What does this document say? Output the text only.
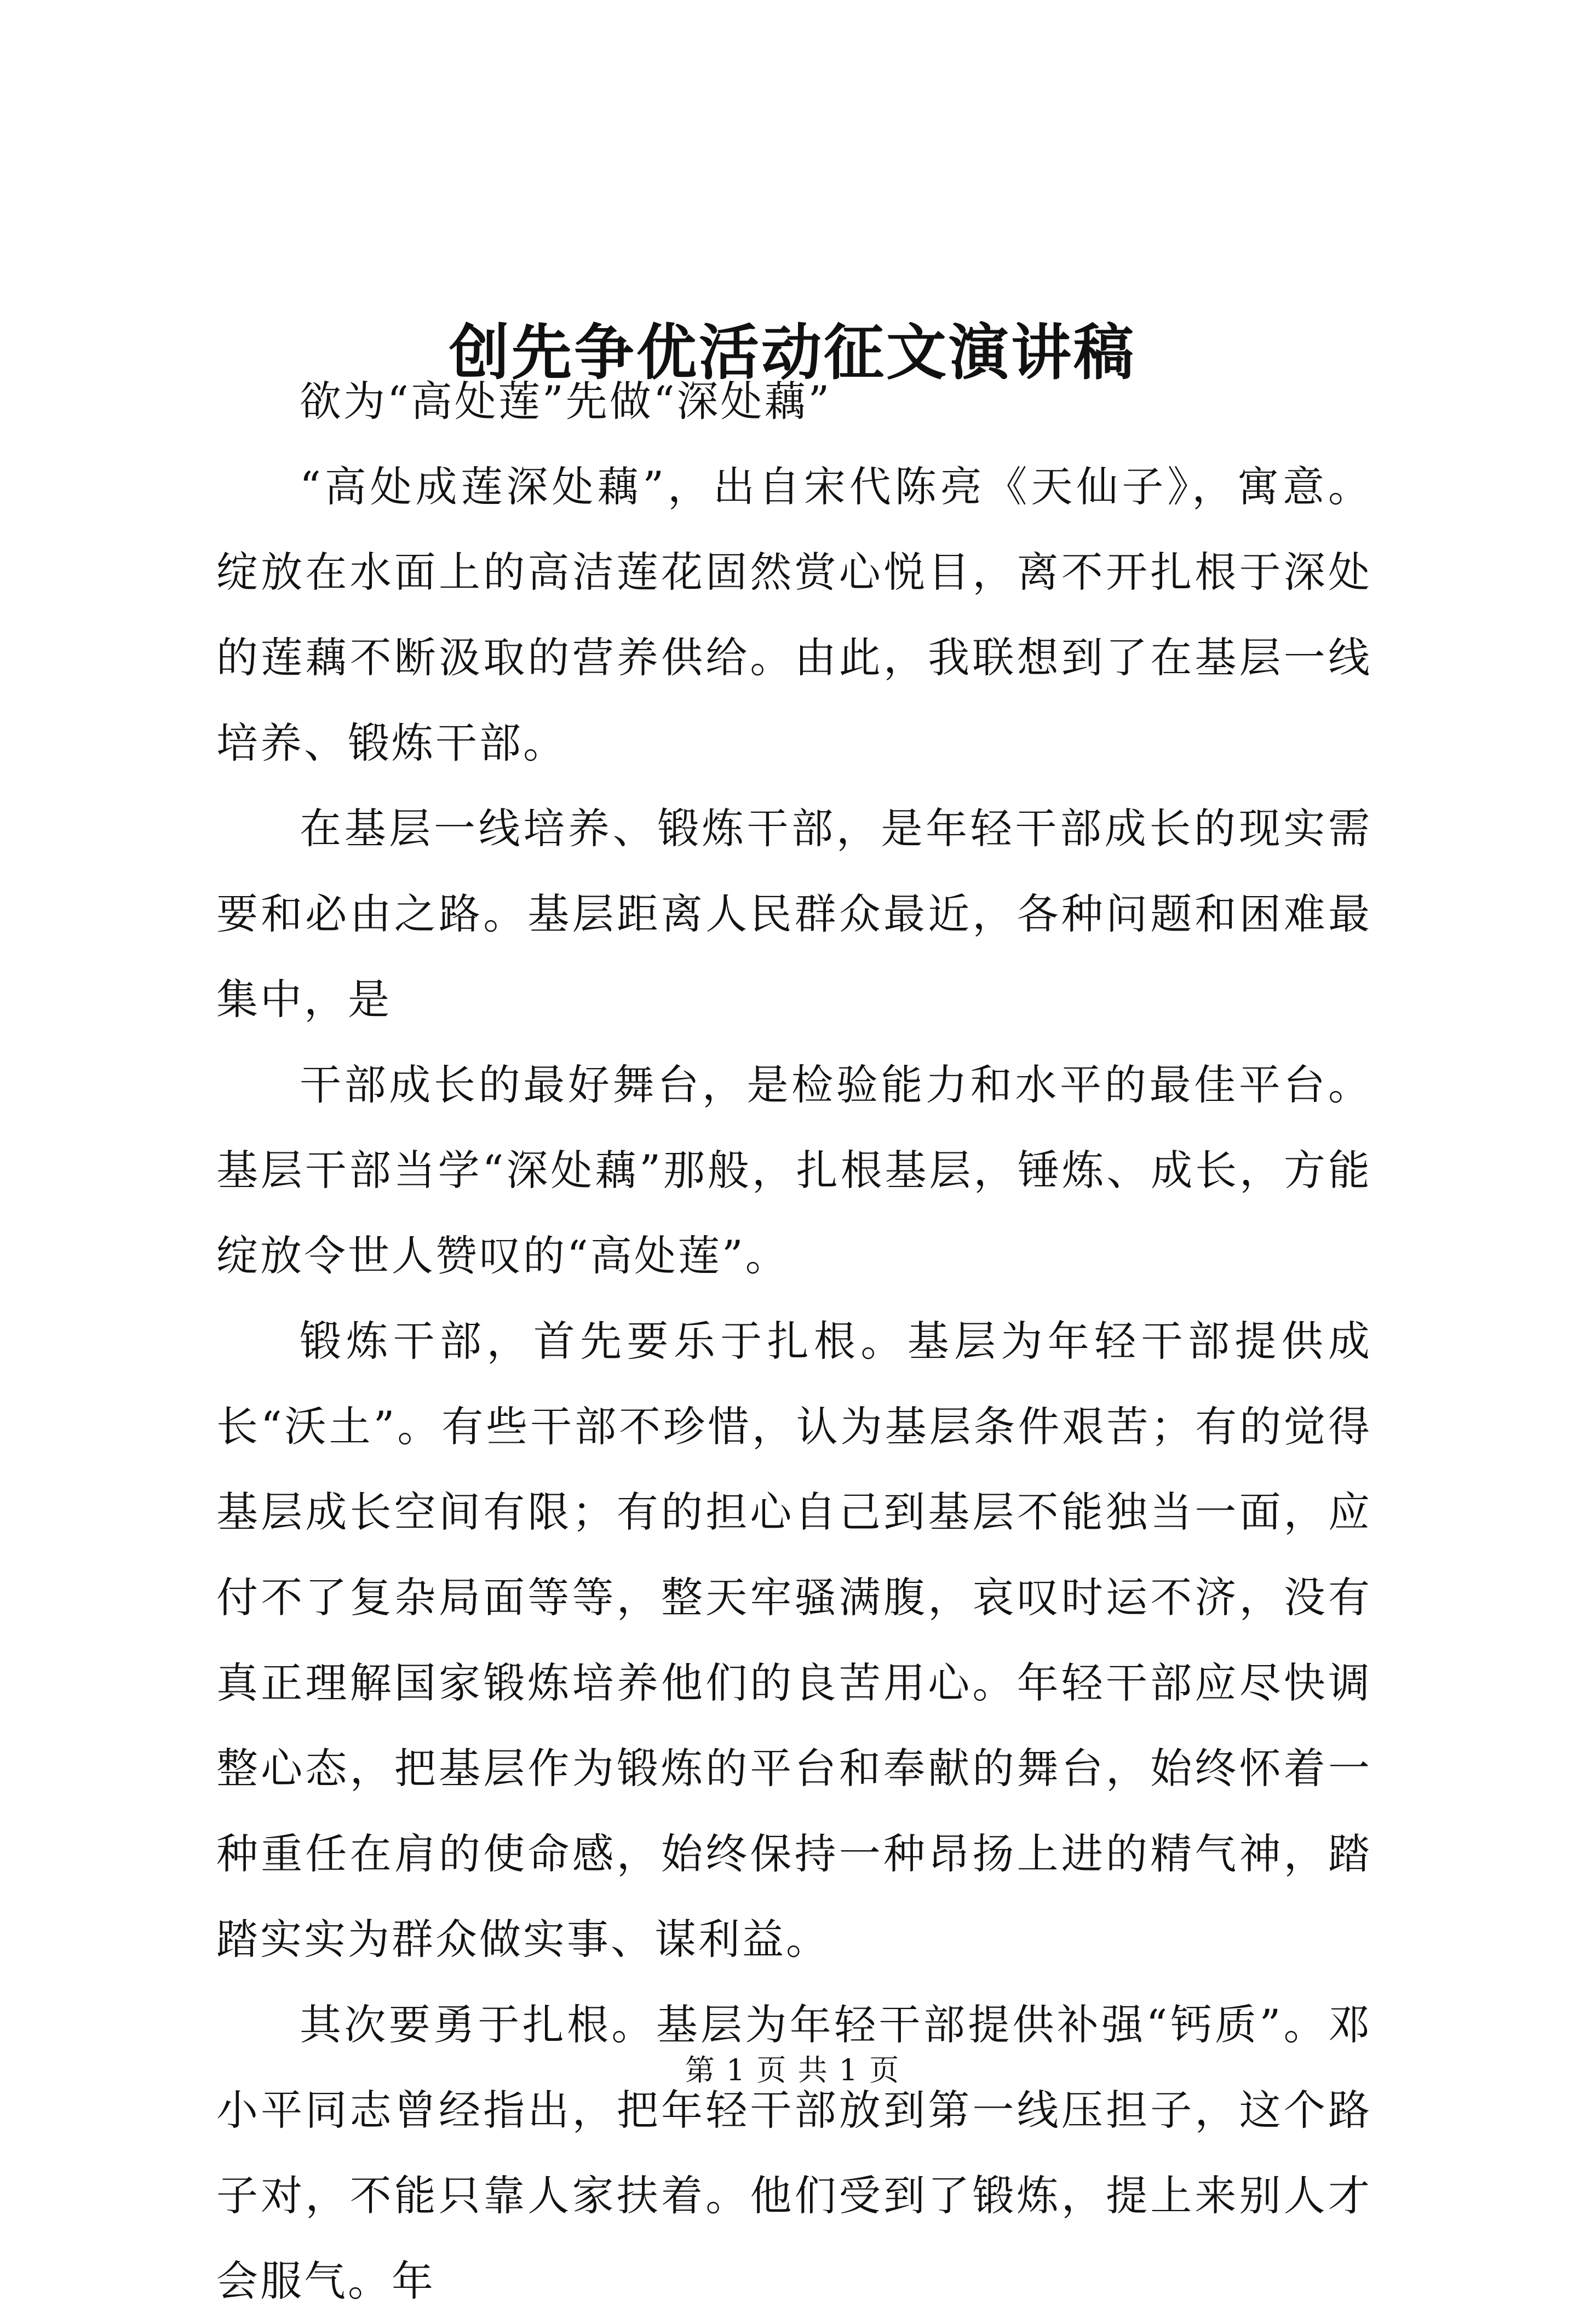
创先争优活动征文演讲稿

欲为“高处莲”先做“深处藕”

“高处成莲深处藕”，出自宋代陈亮《天仙子》，寓意。绽放在水面上的高洁莲花固然赏心悦目，离不开扎根于深处的莲藕不断汲取的营养供给。由此，我联想到了在基层一线培养、锻炼干部。

在基层一线培养、锻炼干部，是年轻干部成长的现实需要和必由之路。基层距离人民群众最近，各种问题和困难最集中，是

干部成长的最好舞台，是检验能力和水平的最佳平台。基层干部当学“深处藕”那般，扎根基层，锤炼、成长，方能绽放令世人赞叹的“高处莲”。

锻炼干部，首先要乐于扎根。基层为年轻干部提供成长“沃土”。有些干部不珍惜，认为基层条件艰苦；有的觉得基层成长空间有限；有的担心自己到基层不能独当一面，应付不了复杂局面等等，整天牢骚满腹，哀叹时运不济，没有真正理解国家锻炼培养他们的良苦用心。年轻干部应尽快调整心态，把基层作为锻炼的平台和奉献的舞台，始终怀着一种重任在肩的使命感，始终保持一种昂扬上进的精气神，踏踏实实为群众做实事、谋利益。

其次要勇于扎根。基层为年轻干部提供补强“钙质”。邓小平同志曾经指出，把年轻干部放到第一线压担子，这个路子对，不能只靠人家扶着。他们受到了锻炼，提上来别人才会服气。年

第 1 页 共 1 页
